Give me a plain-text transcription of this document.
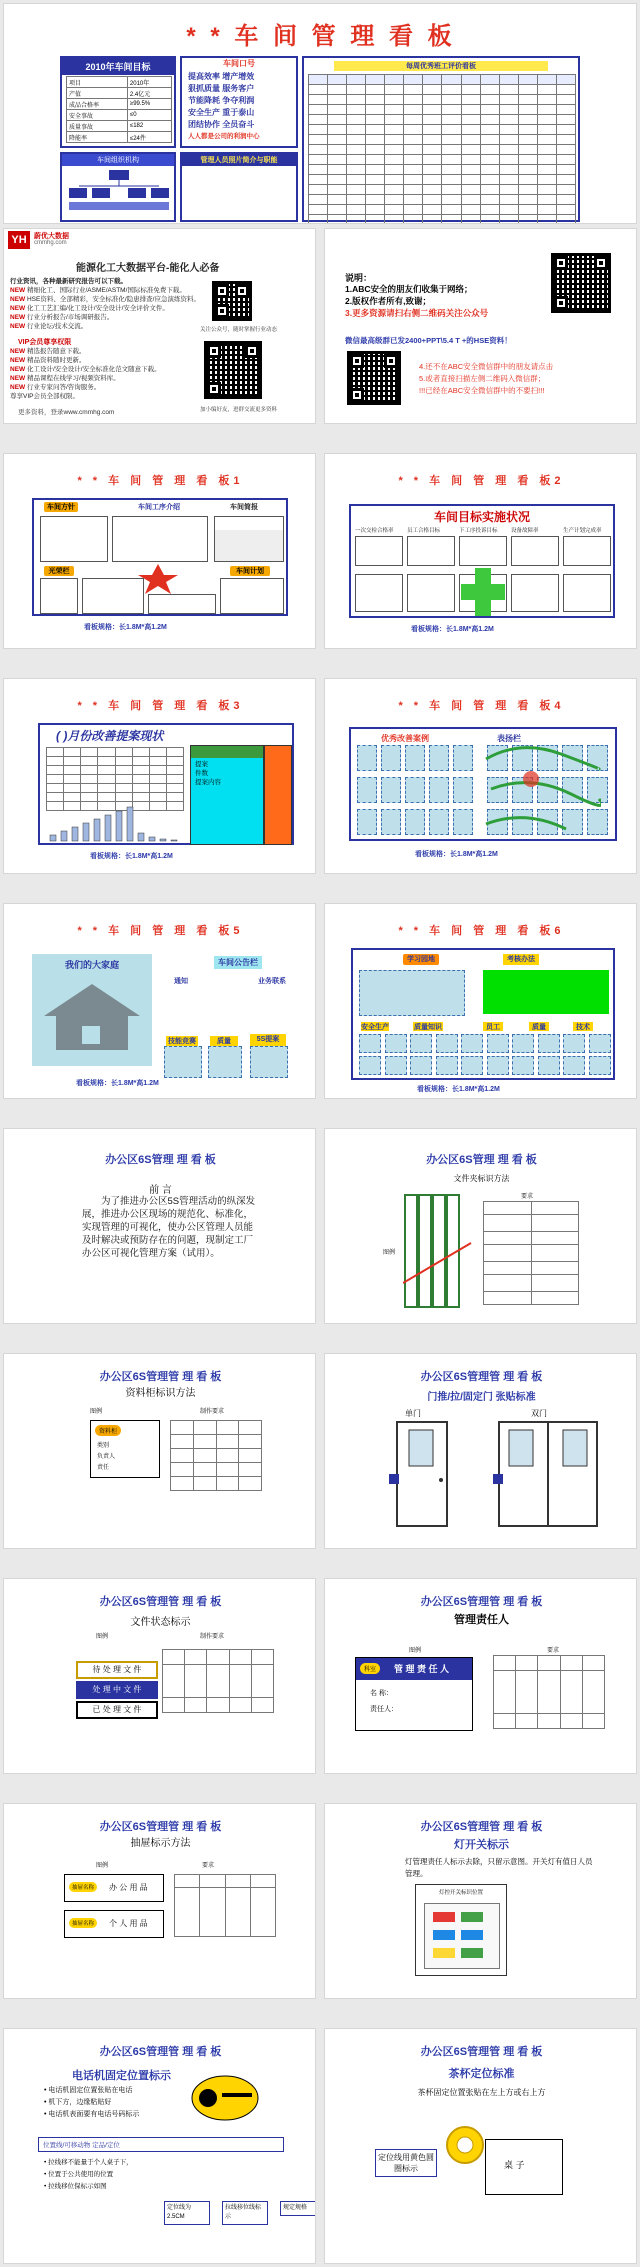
* * 车 间 管 理 看 板
2010年车间目标
项目	2010年
产值	2.4亿元
成品合格率	≥99.5%
安全事故	≤0
质量事故	≤182
降能率	≤24件
车间口号
提高效率 增产增效
狠抓质量 服务客户
节能降耗 争夺利润
安全生产 重于泰山
团结协作 全员奋斗
人人都是公司的利润中心
每周优秀班工评价看板

车间组织机构	管理人员照片简介与职能
YH	蔚优大数据
cmmhg.com
能源化工大数据平台-能化人必备
行业资讯，各种最新研究报告可以下载。
NEW 精细化工、国际行业/ASME/ASTM/国际标准免费下载。
NEW HSE资料、全部精彩，安全标准化/隐患排查/应急演练资料。
NEW 化工工艺汇编/化工设计/安全设计/安全评价文件。
NEW 行业分析报告/市场调研报告。
NEW 行业论坛/技术交流。
VIP会员尊享权限
NEW 精选报告随意下载。
NEW 精品资料随时更新。
NEW 化工设计/安全设计/安全标准化范文随意下载。
NEW 精品课程在线学习/视频资料库。
NEW 行业专家问答/咨询服务。
尊享VIP会员全部权限。
更多资料，登录www.cmmhg.com
关注公众号，随时掌握行业动态
加小编好友，进群交流更多资料
说明：
1.ABC安全的朋友们收集于网络；
2.版权作者所有,致谢；
3.更多资源请扫右侧二维码关注公众号
微信最高级群已发2400+PPT\5.4 T +的HSE资料！
4.还不在ABC安全微信群中的朋友请点击
5.或者直接扫描左侧二维码入微信群；
!!!已经在ABC安全微信群中的不要扫!!!
* * 车 间 管 理 看 板1
车间方针	车间工序介绍	车间简报
光荣栏	车间计划
看板规格：长1.8M*高1.2M
* * 车 间 管 理 看 板2
车间目标实施状况
一次交检合格率 员工合格目标	下工序投诉目标 设备故障率	生产计划完成率
看板规格：长1.8M*高1.2M
* * 车 间 管 理 看 板3
( )月份改善提案现状

提案
件数
提案内容
看板规格：长1.8M*高1.2M
* * 车 间 管 理 看 板4
优秀改善案例	表扬栏
看板规格：长1.8M*高1.2M
* * 车 间 管 理 看 板5
我们的大家庭	车间公告栏
通知	业务联系
技能竞赛	质量	5S提案
看板规格：长1.8M*高1.2M
* * 车 间 管 理 看 板6
学习园地	考核办法
安全生产	质量知识	员工	质量	技术
看板规格：长1.8M*高1.2M
办公区6S管理 理 看 板
前 言
为了推进办公区5S管理活动的纵深发展，推进办公区现场的规范化、标准化，实现管理的可视化，使办公区管理人员能及时解决或预防存在的问题，现制定工厂办公区可视化管理方案（试用）。
办公区6S管理 理 看 板
文件夹标识方法
要求
图例

办公区6S管理管 理 看 板
资料柜标识方法
图例	制作要求
资料柜
类别
负责人
责任

办公区6S管理管 理 看 板
门推/拉/固定门 张贴标准
单门	双门
办公区6S管理管 理 看 板
文件状态标示
图例	制作要求
待 处 理 文 件
处 理 中 文 件
已 处 理 文 件

办公区6S管理管 理 看 板
管理责任人
图例	要求
科室	管 理 责 任 人
名 称：
责任人：

办公区6S管理管 理 看 板
抽屉标示方法
图例	要求
抽屉名称	办 公 用 品
抽屉名称	个 人 用 品

办公区6S管理管 理 看 板
灯开关标示
灯管理责任人标示去除，只留示意图。开关灯有值日人员管理。
灯控开关标识位置
办公区6S管理管 理 看 板
电话机固定位置标示
• 电话机固定位置张贴在电话
• 机下方，边缘粘贴好
• 电话机表面要有电话号码标示
位置线/可移动物 定品/定位
• 拉线移不能量于个人桌子下，
• 位置于公共使用的位置
• 拉线移位保标示如图
定位线为2.5CM
拉线移位线标示
规定规格
办公区6S管理管 理 看 板
茶杯定位标准
茶杯固定位置张贴在左上方或右上方
定位线用黄色圆圈标示	桌 子
